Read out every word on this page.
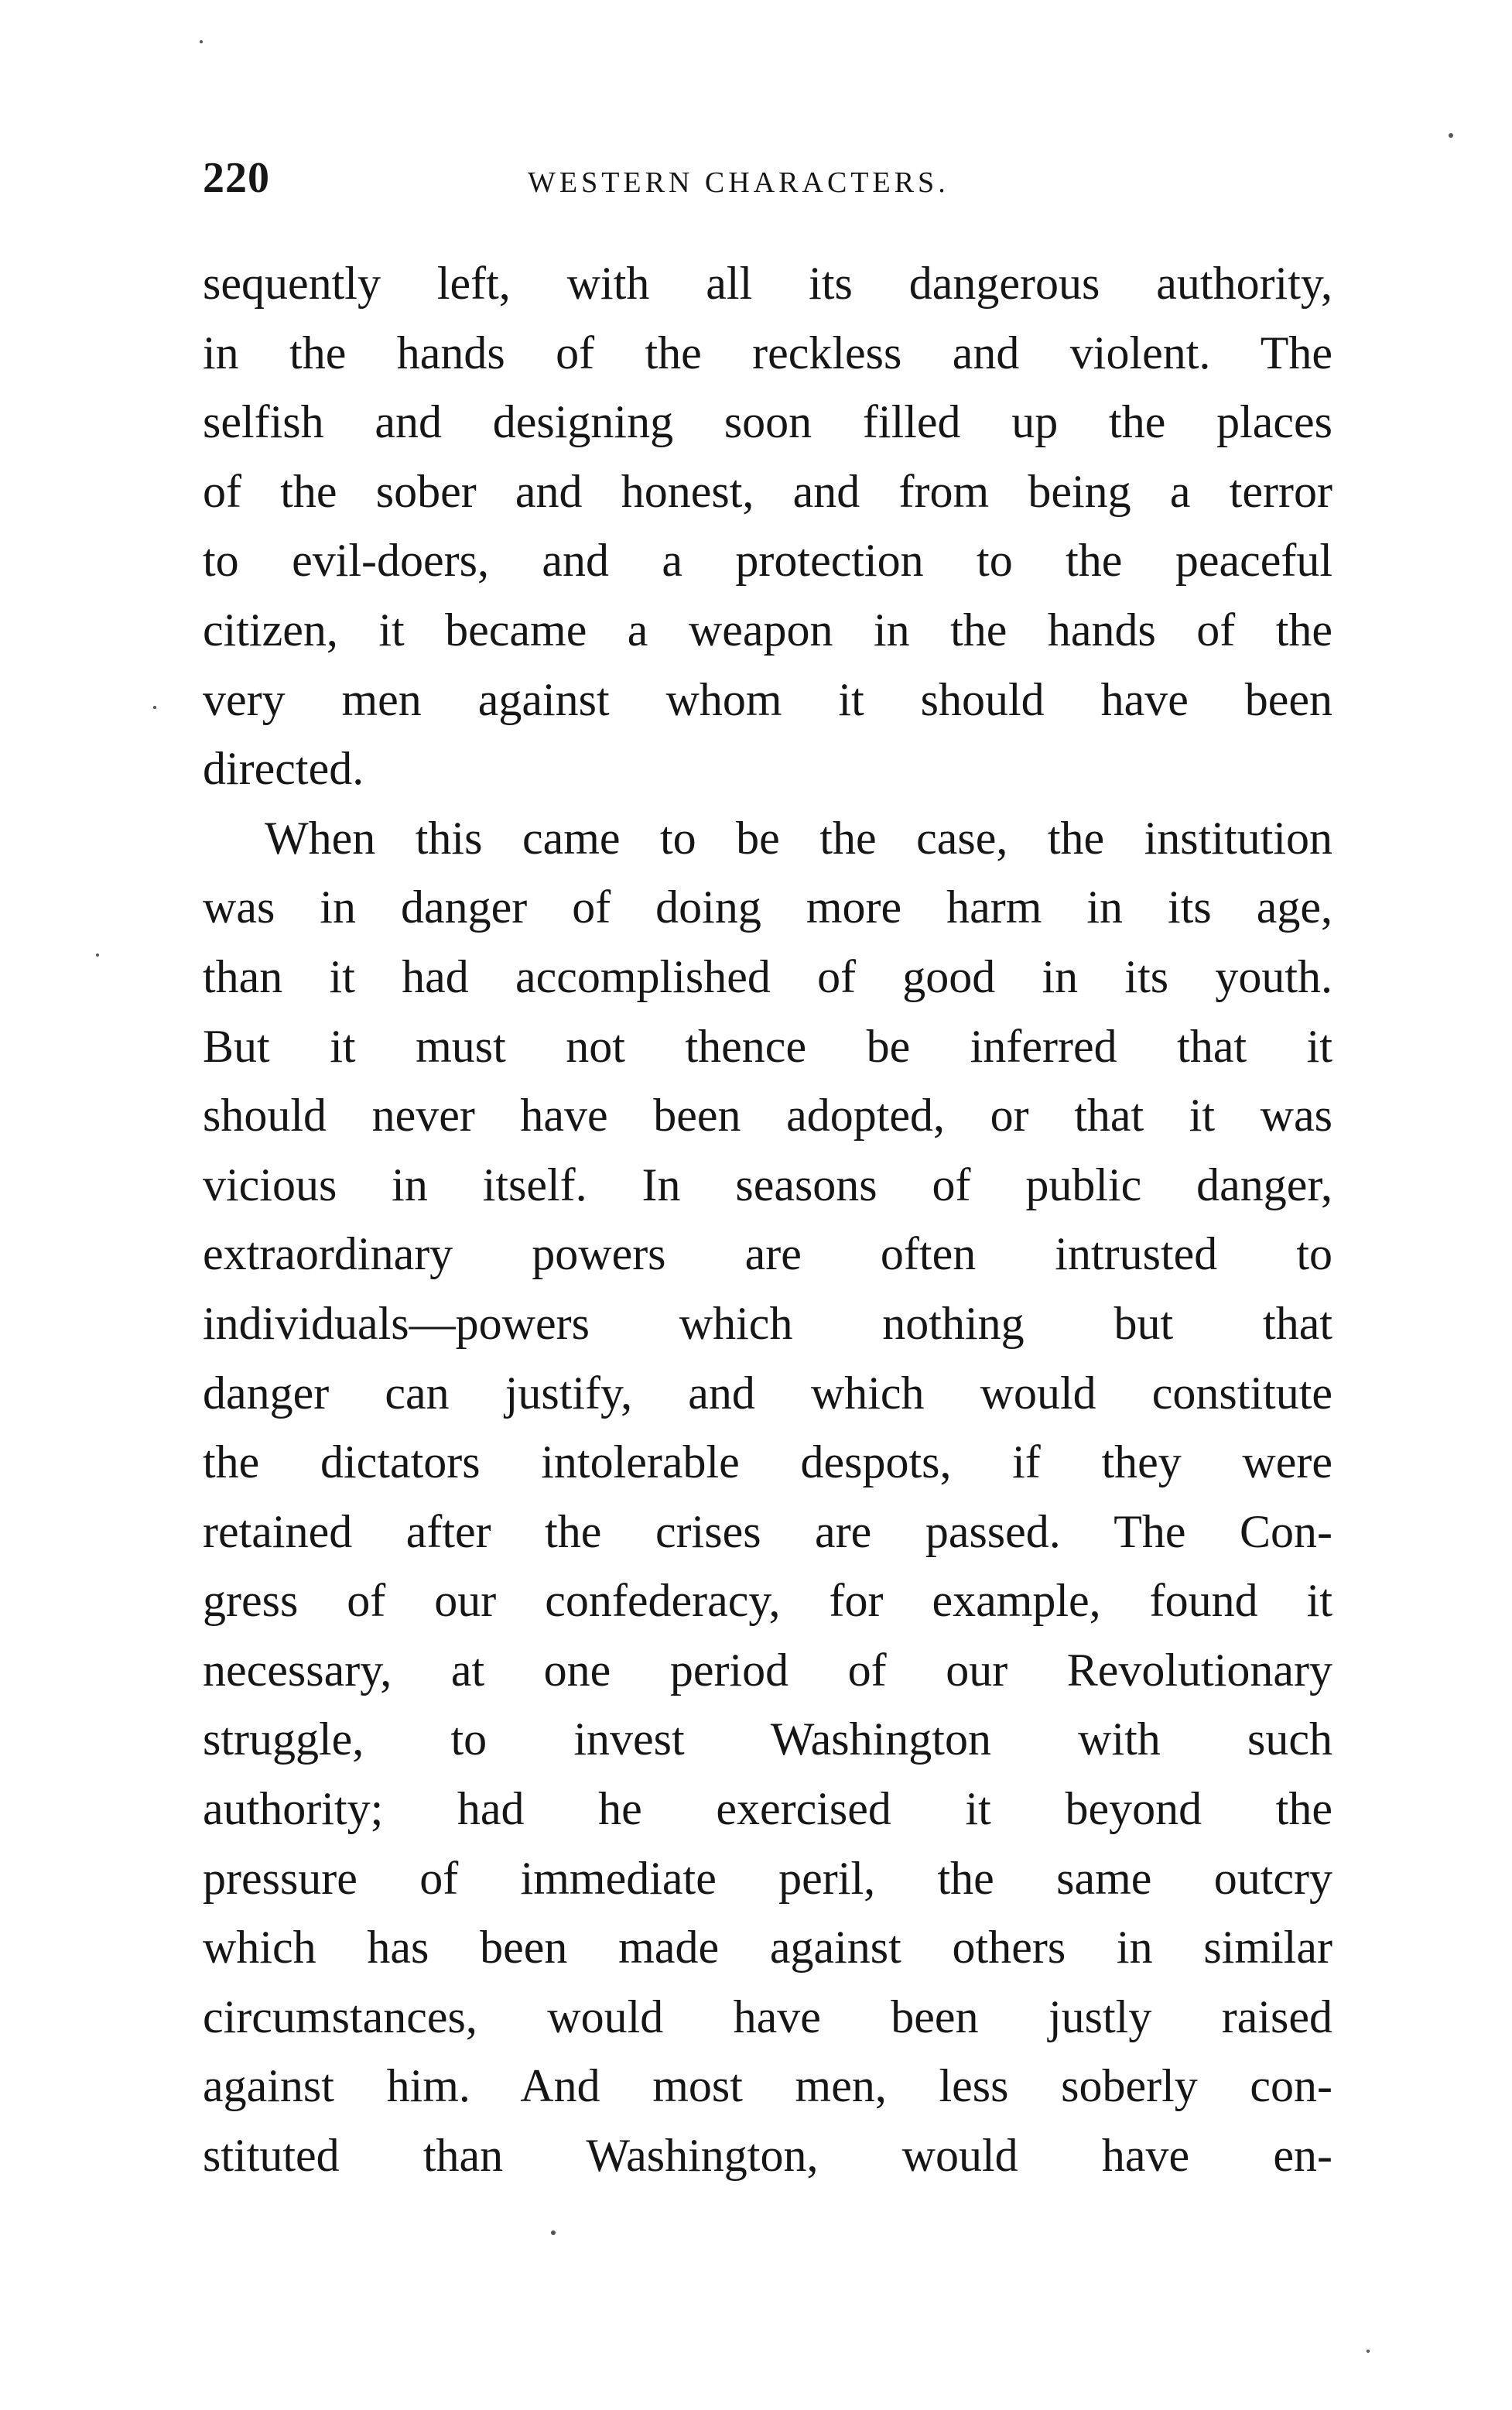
220	WESTERN CHARACTERS.
sequently left, with all its dangerous authority,
in the hands of the reckless and violent. The
selfish and designing soon filled up the places
of the sober and honest, and from being a terror
to evil-doers, and a protection to the peaceful
citizen, it became a weapon in the hands of the
very men against whom it should have been
directed.
When this came to be the case, the institution
was in danger of doing more harm in its age,
than it had accomplished of good in its youth.
But it must not thence be inferred that it
should never have been adopted, or that it was
vicious in itself. In seasons of public danger,
extraordinary powers are often intrusted to
individuals—powers which nothing but that
danger can justify, and which would constitute
the dictators intolerable despots, if they were
retained after the crises are passed. The Con-
gress of our confederacy, for example, found it
necessary, at one period of our Revolutionary
struggle, to invest Washington with such
authority; had he exercised it beyond the
pressure of immediate peril, the same outcry
which has been made against others in similar
circumstances, would have been justly raised
against him. And most men, less soberly con-
stituted than Washington, would have en-
